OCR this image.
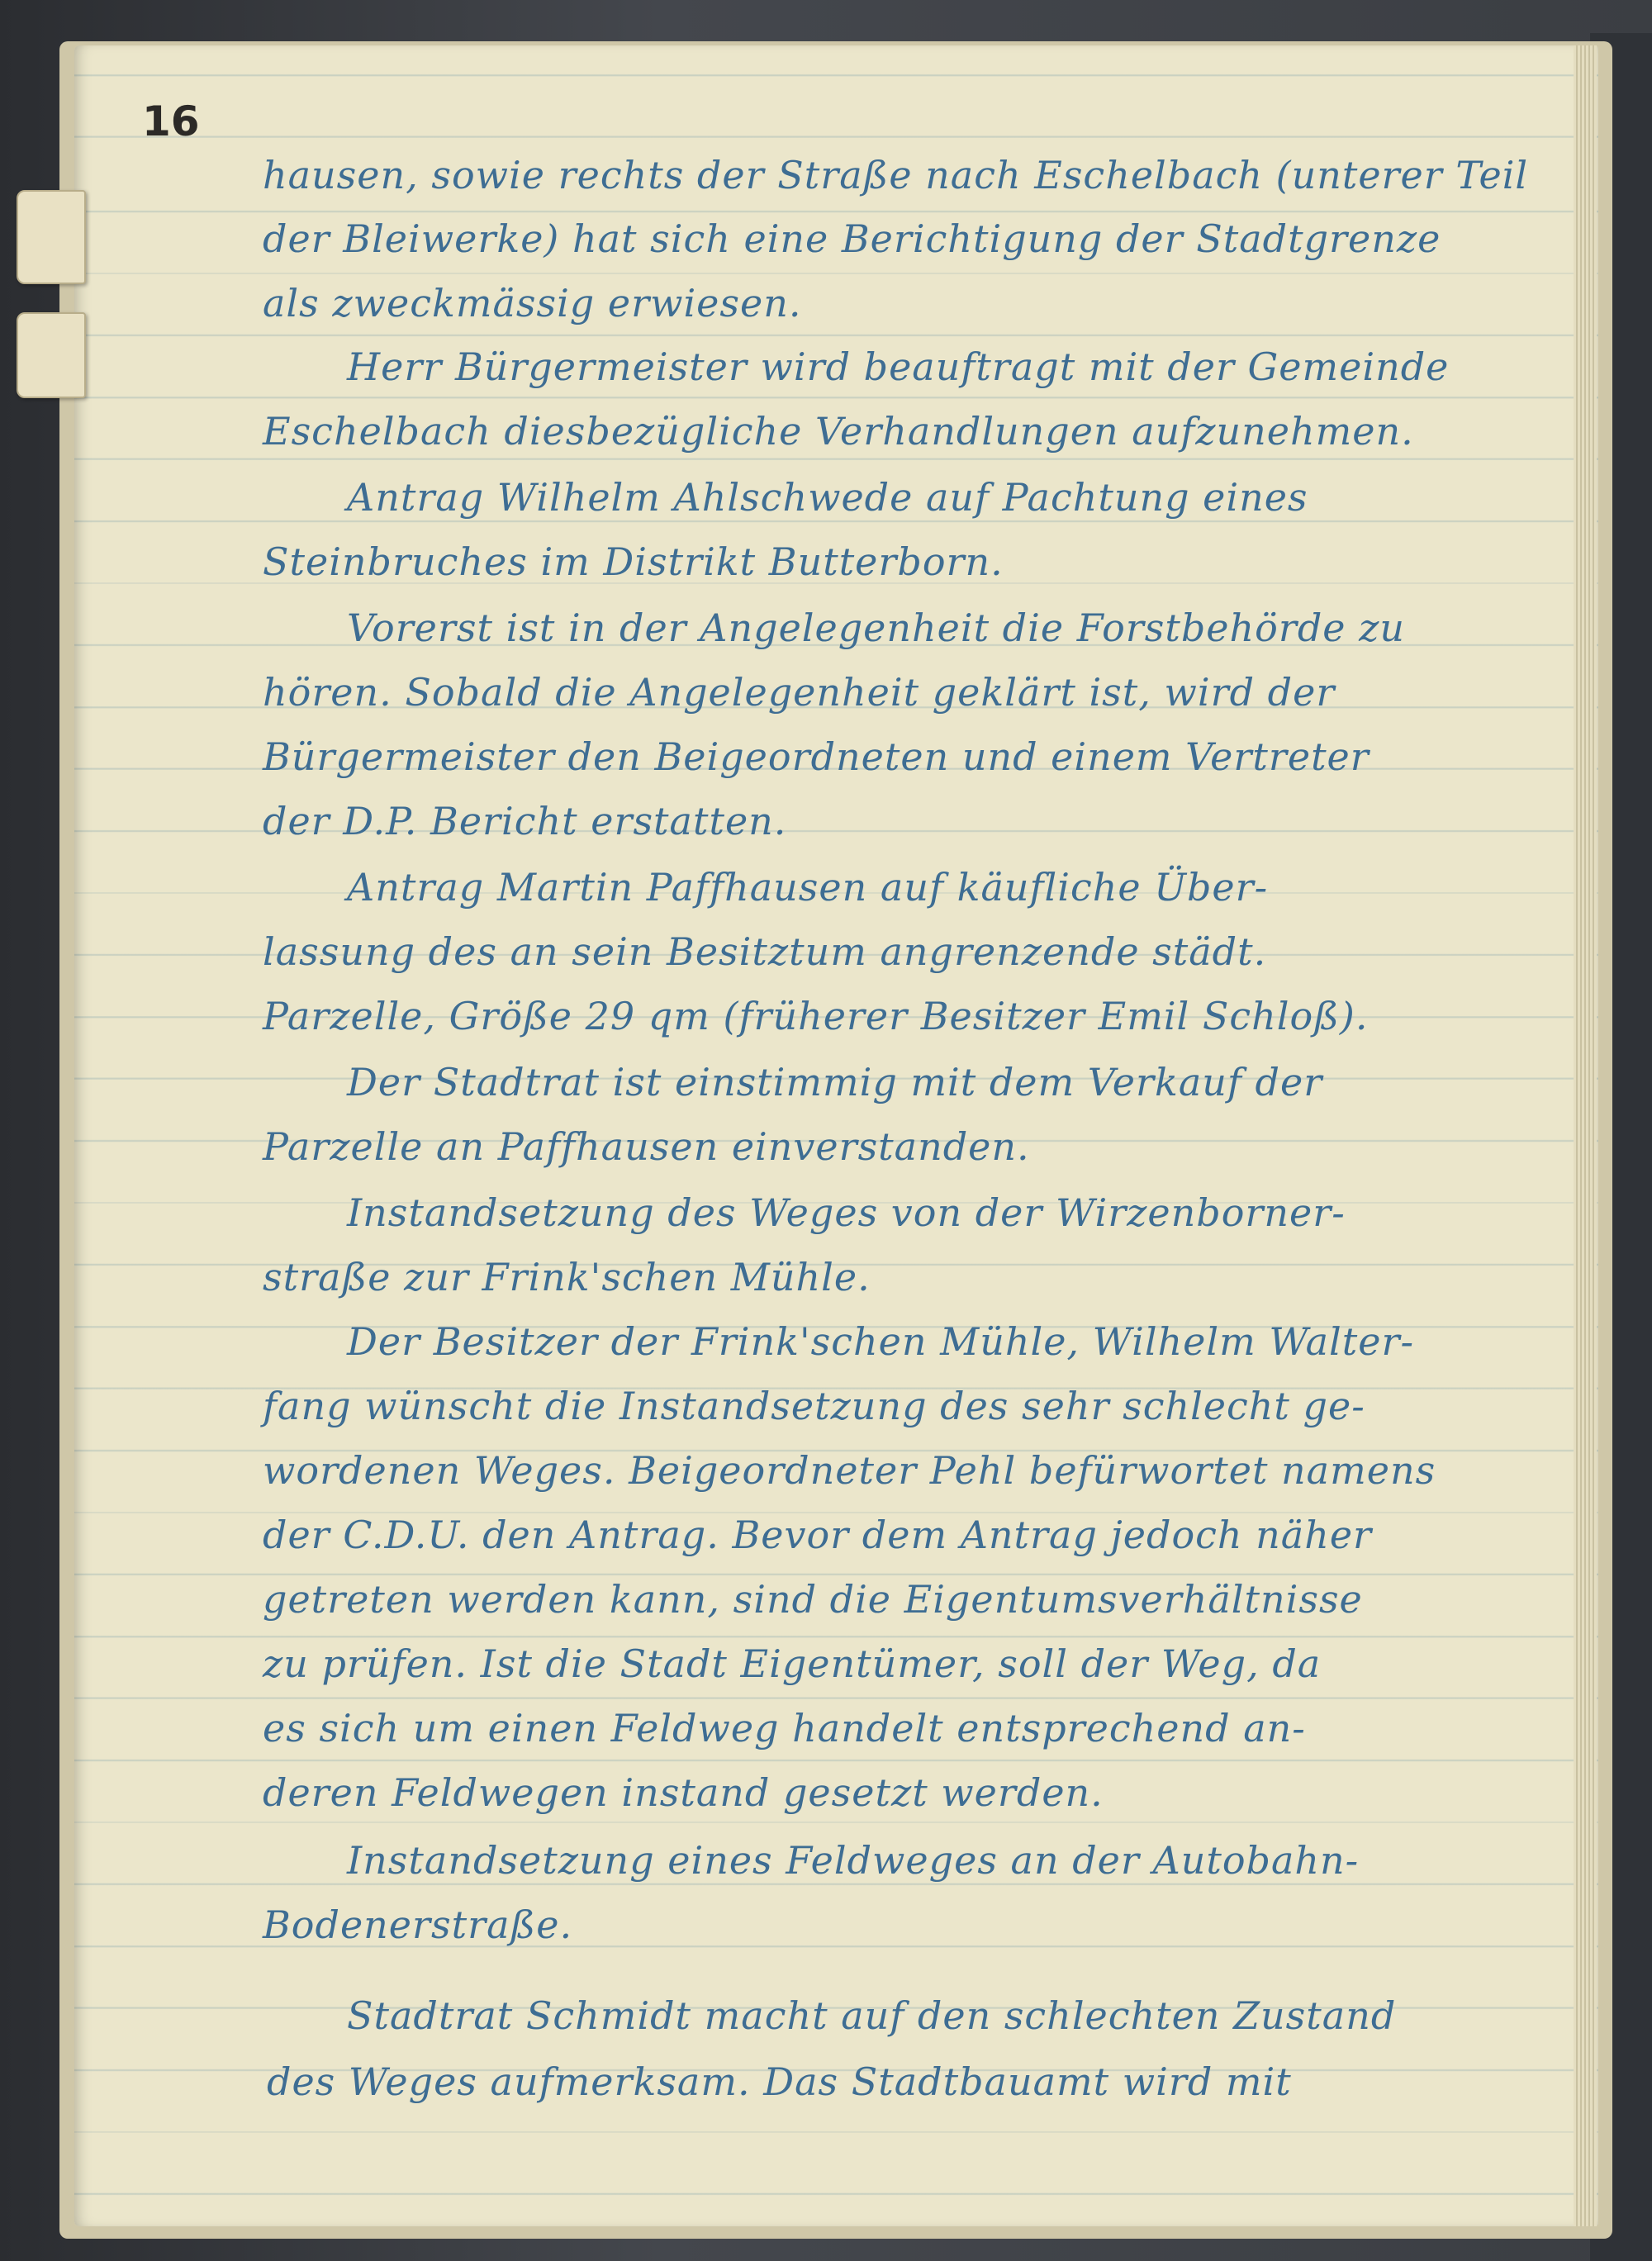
16
hausen, sowie rechts der Straße nach Eschelbach (unterer Teil
der Bleiwerke) hat sich eine Berichtigung der Stadtgrenze
als zweckmässig erwiesen.
Herr Bürgermeister wird beauftragt mit der Gemeinde
Eschelbach diesbezügliche Verhandlungen aufzunehmen.
Antrag Wilhelm Ahlschwede auf Pachtung eines
Steinbruches im Distrikt Butterborn.
Vorerst ist in der Angelegenheit die Forstbehörde zu
hören. Sobald die Angelegenheit geklärt ist, wird der
Bürgermeister den Beigeordneten und einem Vertreter
der D.P. Bericht erstatten.
Antrag Martin Paffhausen auf käufliche Über-
lassung des an sein Besitztum angrenzende städt.
Parzelle, Größe 29 qm (früherer Besitzer Emil Schloß).
Der Stadtrat ist einstimmig mit dem Verkauf der
Parzelle an Paffhausen einverstanden.
Instandsetzung des Weges von der Wirzenborner-
straße zur Frink'schen Mühle.
Der Besitzer der Frink'schen Mühle, Wilhelm Walter-
fang wünscht die Instandsetzung des sehr schlecht ge-
wordenen Weges. Beigeordneter Pehl befürwortet namens
der C.D.U. den Antrag. Bevor dem Antrag jedoch näher
getreten werden kann, sind die Eigentumsverhältnisse
zu prüfen. Ist die Stadt Eigentümer, soll der Weg, da
es sich um einen Feldweg handelt entsprechend an-
deren Feldwegen instand gesetzt werden.
Instandsetzung eines Feldweges an der Autobahn-
Bodenerstraße.
Stadtrat Schmidt macht auf den schlechten Zustand
des Weges aufmerksam. Das Stadtbauamt wird mit
